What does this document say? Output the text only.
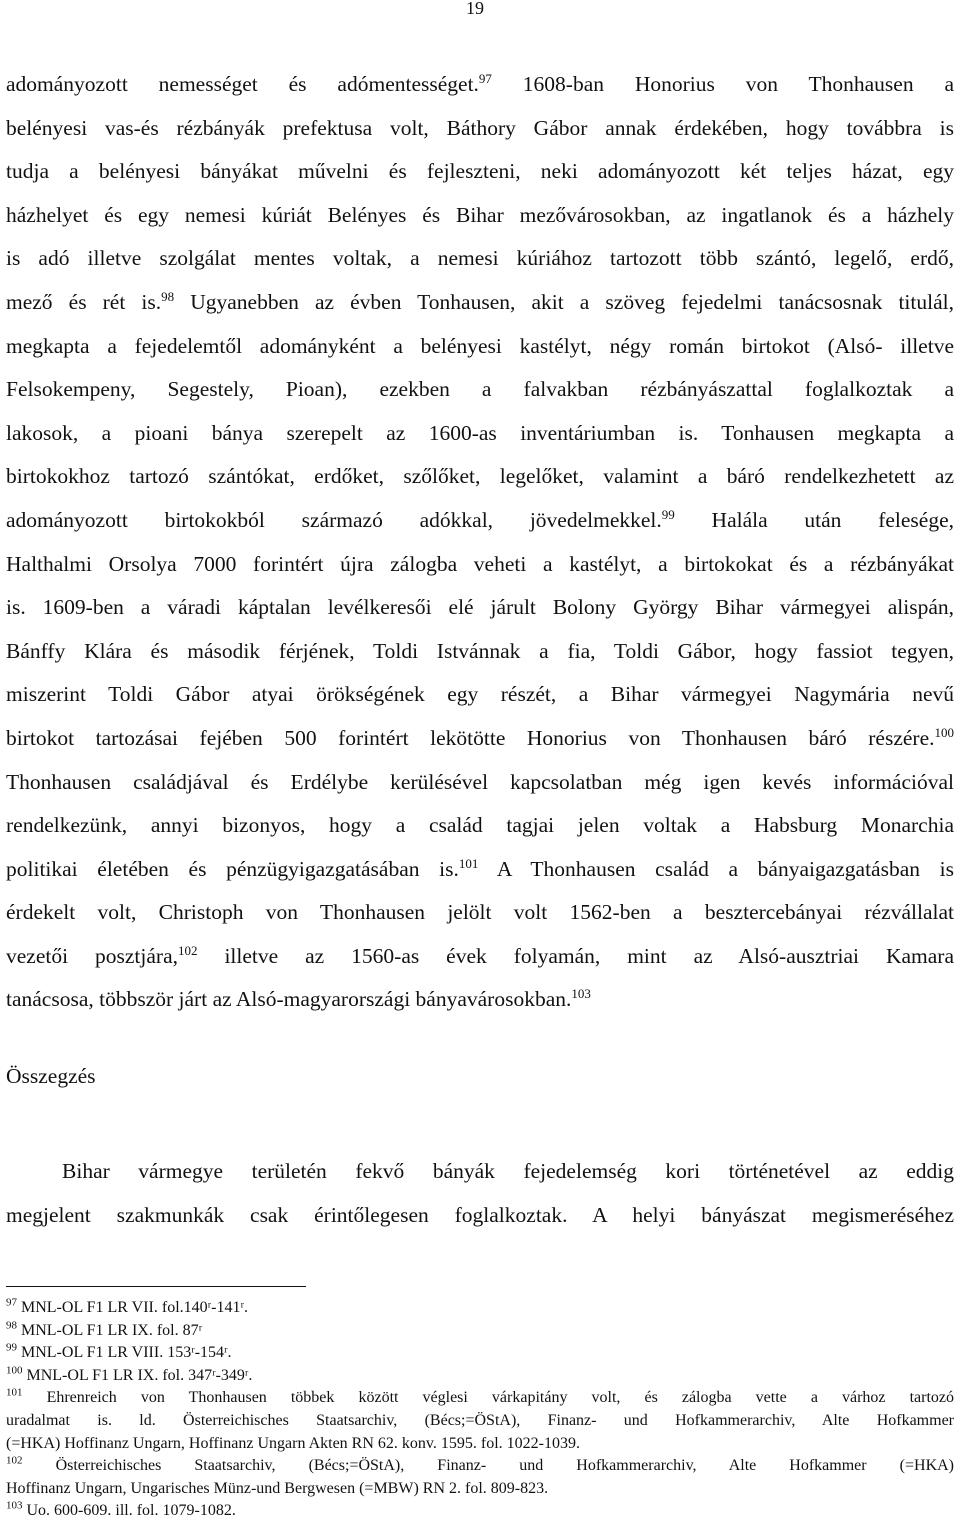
19
adományozott nemességet és adómentességet.$^{97}$ 1608-ban Honorius von Thonhausen a
belényesi vas-és rézbányák prefektusa volt, Báthory Gábor annak érdekében, hogy továbbra is
tudja a belényesi bányákat művelni és fejleszteni, neki adományozott két teljes házat, egy
házhelyet és egy nemesi kúriát Belényes és Bihar mezővárosokban, az ingatlanok és a házhely
is adó illetve szolgálat mentes voltak, a nemesi kúriához tartozott több szántó, legelő, erdő,
mező és rét is.$^{98}$ Ugyanebben az évben Tonhausen, akit a szöveg fejedelmi tanácsosnak titulál,
megkapta a fejedelemtől adományként a belényesi kastélyt, négy román birtokot (Alsó- illetve
Felsokempeny, Segestely, Pioan), ezekben a falvakban rézbányászattal foglalkoztak a
lakosok, a pioani bánya szerepelt az 1600-as inventáriumban is. Tonhausen megkapta a
birtokokhoz tartozó szántókat, erdőket, szőlőket, legelőket, valamint a báró rendelkezhetett az
adományozott birtokokból származó adókkal, jövedelmekkel.$^{99}$ Halála után felesége,
Halthalmi Orsolya 7000 forintért újra zálogba veheti a kastélyt, a birtokokat és a rézbányákat
is. 1609-ben a váradi káptalan levélkeresői elé járult Bolony György Bihar vármegyei alispán,
Bánffy Klára és második férjének, Toldi Istvánnak a fia, Toldi Gábor, hogy fassiot tegyen,
miszerint Toldi Gábor atyai örökségének egy részét, a Bihar vármegyei Nagymária nevű
birtokot tartozásai fejében 500 forintért lekötötte Honorius von Thonhausen báró részére.$^{100}$
Thonhausen családjával és Erdélybe kerülésével kapcsolatban még igen kevés információval
rendelkezünk, annyi bizonyos, hogy a család tagjai jelen voltak a Habsburg Monarchia
politikai életében és pénzügyigazgatásában is.$^{101}$ A Thonhausen család a bányaigazgatásban is
érdekelt volt, Christoph von Thonhausen jelölt volt 1562-ben a besztercebányai rézvállalat
vezetői posztjára,$^{102}$ illetve az 1560-as évek folyamán, mint az Alsó-ausztriai Kamara
tanácsosa, többször járt az Alsó-magyarországi bányavárosokban.$^{103}$
Összegzés
Bihar vármegye területén fekvő bányák fejedelemség kori történetével az eddig
megjelent szakmunkák csak érintőlegesen foglalkoztak. A helyi bányászat megismeréséhez
$^{97}$ MNL-OL F1 LR VII. fol.140ʳ-141ʳ.
$^{98}$ MNL-OL F1 LR IX. fol. 87ʳ
$^{99}$ MNL-OL F1 LR VIII. 153ʳ-154ʳ.
$^{100}$ MNL-OL F1 LR IX. fol. 347ʳ-349ʳ.
$^{101}$ Ehrenreich von Thonhausen többek között véglesi várkapitány volt, és zálogba vette a várhoz tartozó
uradalmat is. ld. Österreichisches Staatsarchiv, (Bécs;=ÖStA), Finanz- und Hofkammerarchiv, Alte Hofkammer
(=HKA) Hoffinanz Ungarn, Hoffinanz Ungarn Akten RN 62. konv. 1595. fol. 1022-1039.
$^{102}$ Österreichisches Staatsarchiv, (Bécs;=ÖStA), Finanz- und Hofkammerarchiv, Alte Hofkammer (=HKA)
Hoffinanz Ungarn, Ungarisches Münz-und Bergwesen (=MBW) RN 2. fol. 809-823.
$^{103}$ Uo. 600-609. ill. fol. 1079-1082.
